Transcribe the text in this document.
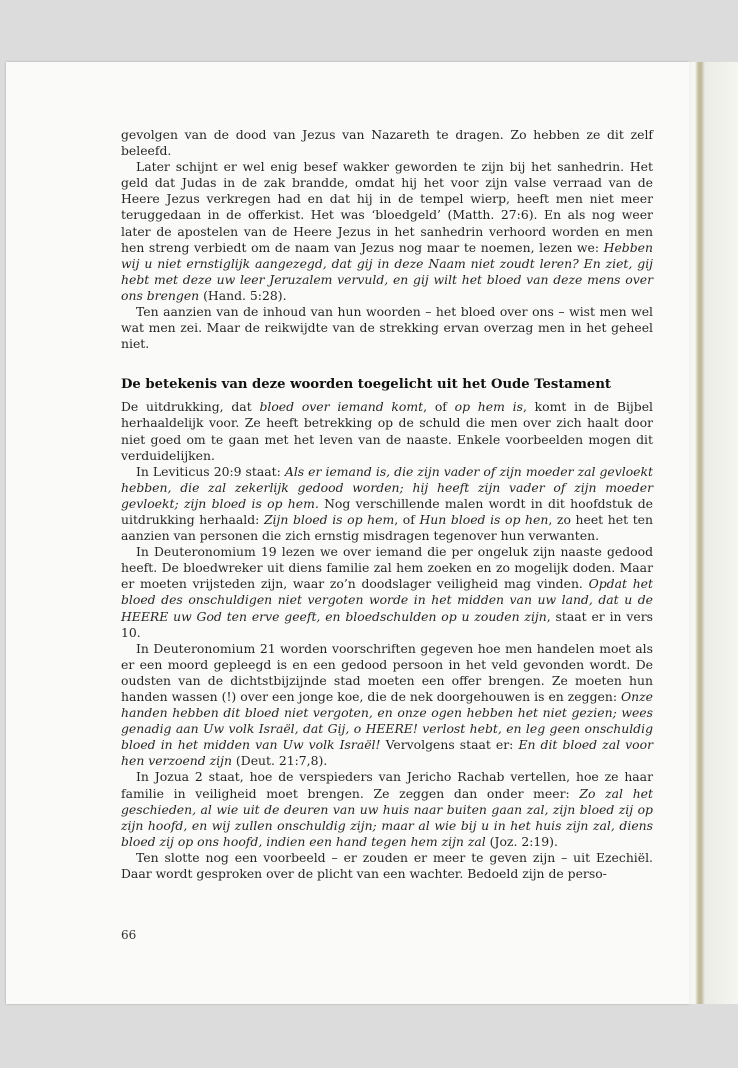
gevolgen van de dood van Jezus van Nazareth te dragen. Zo hebben ze dit zelf beleefd.

Later schijnt er wel enig besef wakker geworden te zijn bij het sanhedrin. Het geld dat Judas in de zak brandde, omdat hij het voor zijn valse verraad van de Heere Jezus verkregen had en dat hij in de tempel wierp, heeft men niet meer teruggedaan in de offerkist. Het was ‘bloedgeld’ (Matth. 27:6). En als nog weer later de apostelen van de Heere Jezus in het sanhedrin verhoord worden en men hen streng verbiedt om de naam van Jezus nog maar te noemen, lezen we: Hebben wij u niet ernstiglijk aangezegd, dat gij in deze Naam niet zoudt leren? En ziet, gij hebt met deze uw leer Jeruzalem vervuld, en gij wilt het bloed van deze mens over ons brengen (Hand. 5:28).

Ten aanzien van de inhoud van hun woorden – het bloed over ons – wist men wel wat men zei. Maar de reikwijdte van de strekking ervan overzag men in het geheel niet.

De betekenis van deze woorden toegelicht uit het Oude Testament

De uitdrukking, dat bloed over iemand komt, of op hem is, komt in de Bijbel herhaaldelijk voor. Ze heeft betrekking op de schuld die men over zich haalt door niet goed om te gaan met het leven van de naaste. Enkele voorbeelden mogen dit verduidelijken.

In Leviticus 20:9 staat: Als er iemand is, die zijn vader of zijn moeder zal gevloekt hebben, die zal zekerlijk gedood worden; hij heeft zijn vader of zijn moeder gevloekt; zijn bloed is op hem. Nog verschillende malen wordt in dit hoofdstuk de uitdrukking herhaald: Zijn bloed is op hem, of Hun bloed is op hen, zo heet het ten aanzien van personen die zich ernstig misdragen tegenover hun verwanten.

In Deuteronomium 19 lezen we over iemand die per ongeluk zijn naaste gedood heeft. De bloedwreker uit diens familie zal hem zoeken en zo mogelijk doden. Maar er moeten vrijsteden zijn, waar zo’n doodslager veiligheid mag vinden. Opdat het bloed des onschuldigen niet vergoten worde in het midden van uw land, dat u de HEERE uw God ten erve geeft, en bloedschulden op u zouden zijn, staat er in vers 10.

In Deuteronomium 21 worden voorschriften gegeven hoe men handelen moet als er een moord gepleegd is en een gedood persoon in het veld gevonden wordt. De oudsten van de dichtstbijzijnde stad moeten een offer brengen. Ze moeten hun handen wassen (!) over een jonge koe, die de nek doorgehouwen is en zeggen: Onze handen hebben dit bloed niet vergoten, en onze ogen hebben het niet gezien; wees genadig aan Uw volk Israël, dat Gij, o HEERE! verlost hebt, en leg geen onschuldig bloed in het midden van Uw volk Israël! Vervolgens staat er: En dit bloed zal voor hen verzoend zijn (Deut. 21:7,8).

In Jozua 2 staat, hoe de verspieders van Jericho Rachab vertellen, hoe ze haar familie in veiligheid moet brengen. Ze zeggen dan onder meer: Zo zal het geschieden, al wie uit de deuren van uw huis naar buiten gaan zal, zijn bloed zij op zijn hoofd, en wij zullen onschuldig zijn; maar al wie bij u in het huis zijn zal, diens bloed zij op ons hoofd, indien een hand tegen hem zijn zal (Joz. 2:19).

Ten slotte nog een voorbeeld – er zouden er meer te geven zijn – uit Ezechiël. Daar wordt gesproken over de plicht van een wachter. Bedoeld zijn de perso-

66
